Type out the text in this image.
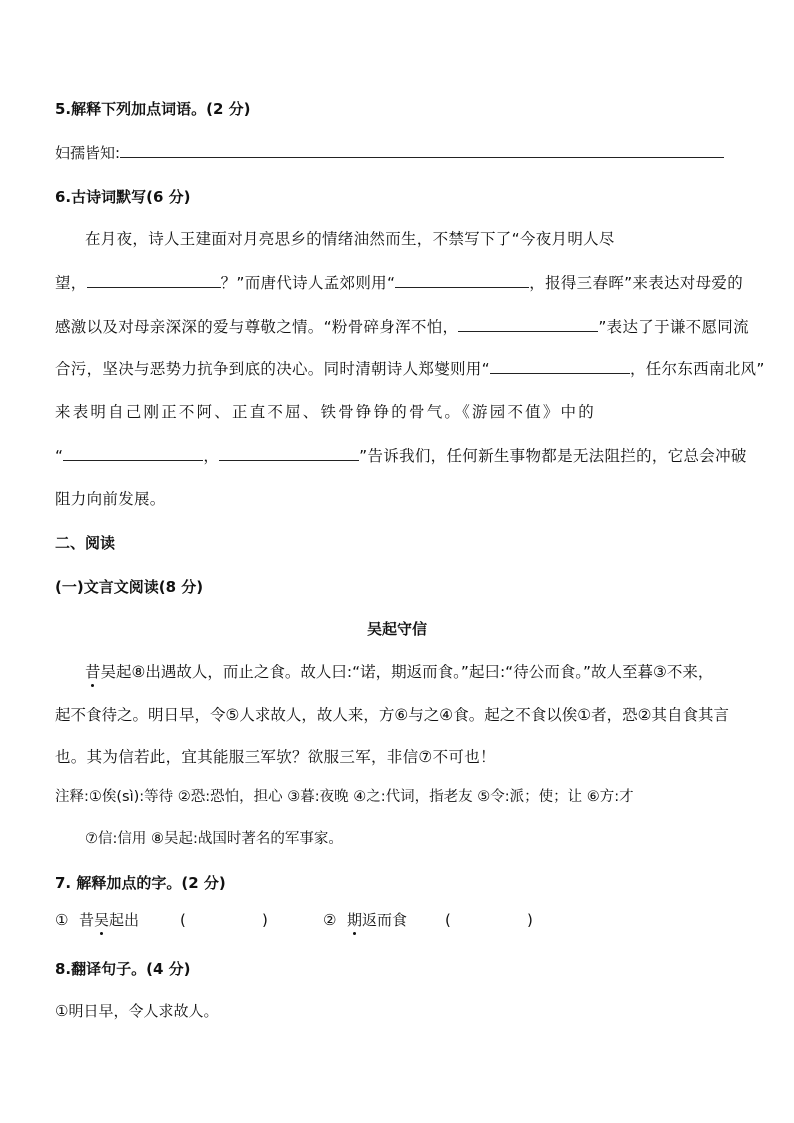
5.解释下列加点词语。(2 分)
妇孺皆知:
6.古诗词默写(6 分)
在月夜，诗人王建面对月亮思乡的情绪油然而生，不禁写下了“今夜月明人尽
望，	？”而唐代诗人孟郊则用“	，报得三春晖”来表达对母爱的
感激以及对母亲深深的爱与尊敬之情。“粉骨碎身浑不怕，	”表达了于谦不愿同流
合污，坚决与恶势力抗争到底的决心。同时清朝诗人郑燮则用“	，任尔东西南北风”
来表明自己刚正不阿、正直不屈、铁骨铮铮的骨气。《游园不值》中的
“	，	”告诉我们，任何新生事物都是无法阻拦的，它总会冲破
阻力向前发展。
二、阅读
(一)文言文阅读(8 分)
吴起守信
昔吴起⑧出遇故人，而止之食。故人曰:“诺，期返而食。”起曰:“待公而食。”故人至暮③不来，
起不食待之。明日早，令⑤人求故人，故人来，方⑥与之④食。起之不食以俟①者，恐②其自食其言
也。其为信若此，宜其能服三军欤？欲服三军，非信⑦不可也！
注释:①俟(sì):等待 ②恐:恐怕，担心 ③暮:夜晚 ④之:代词，指老友 ⑤令:派；使；让 ⑥方:才
⑦信:信用 ⑧吴起:战国时著名的军事家。
7. 解释加点的字。(2 分)
① 昔吴起出	(	)	② 期返而食	(	)
8.翻译句子。(4 分)
①明日早，令人求故人。
